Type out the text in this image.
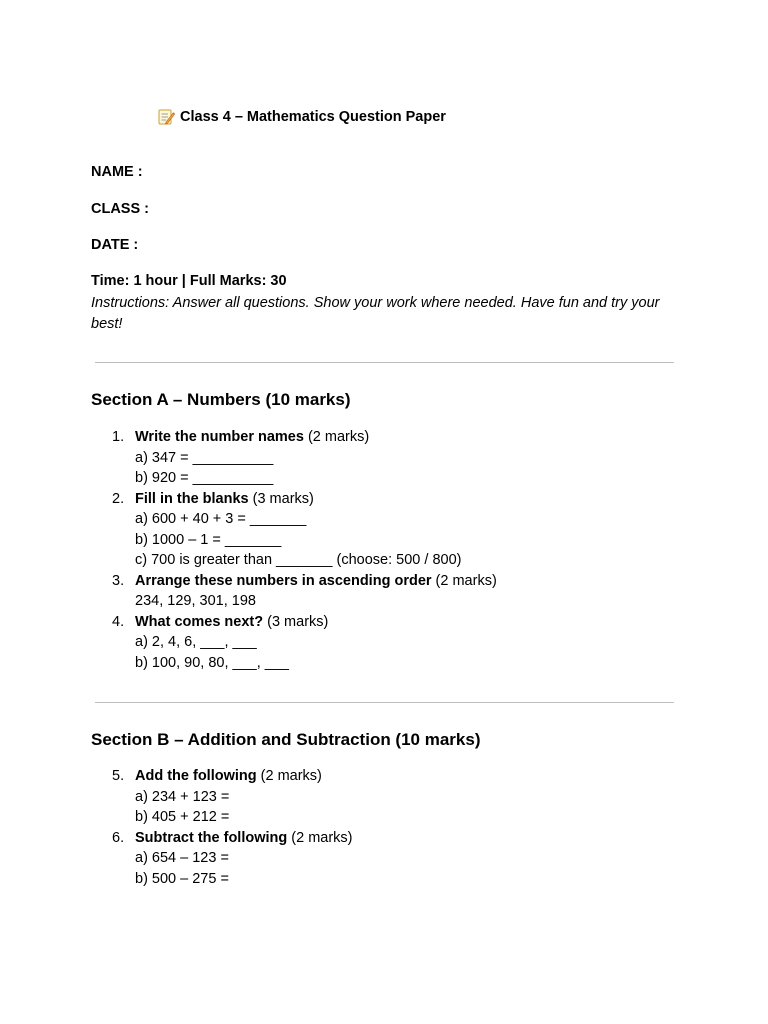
Class 4 – Mathematics Question Paper
NAME :
CLASS :
DATE :
Time: 1 hour | Full Marks: 30
Instructions: Answer all questions. Show your work where needed. Have fun and try your best!
Section A – Numbers (10 marks)
1. Write the number names (2 marks)
a) 347 = __________
b) 920 = __________
2. Fill in the blanks (3 marks)
a) 600 + 40 + 3 = _______
b) 1000 – 1 = _______
c) 700 is greater than _______ (choose: 500 / 800)
3. Arrange these numbers in ascending order (2 marks)
234, 129, 301, 198
4. What comes next? (3 marks)
a) 2, 4, 6, ___, ___
b) 100, 90, 80, ___, ___
Section B – Addition and Subtraction (10 marks)
5. Add the following (2 marks)
a) 234 + 123 =
b) 405 + 212 =
6. Subtract the following (2 marks)
a) 654 – 123 =
b) 500 – 275 =
